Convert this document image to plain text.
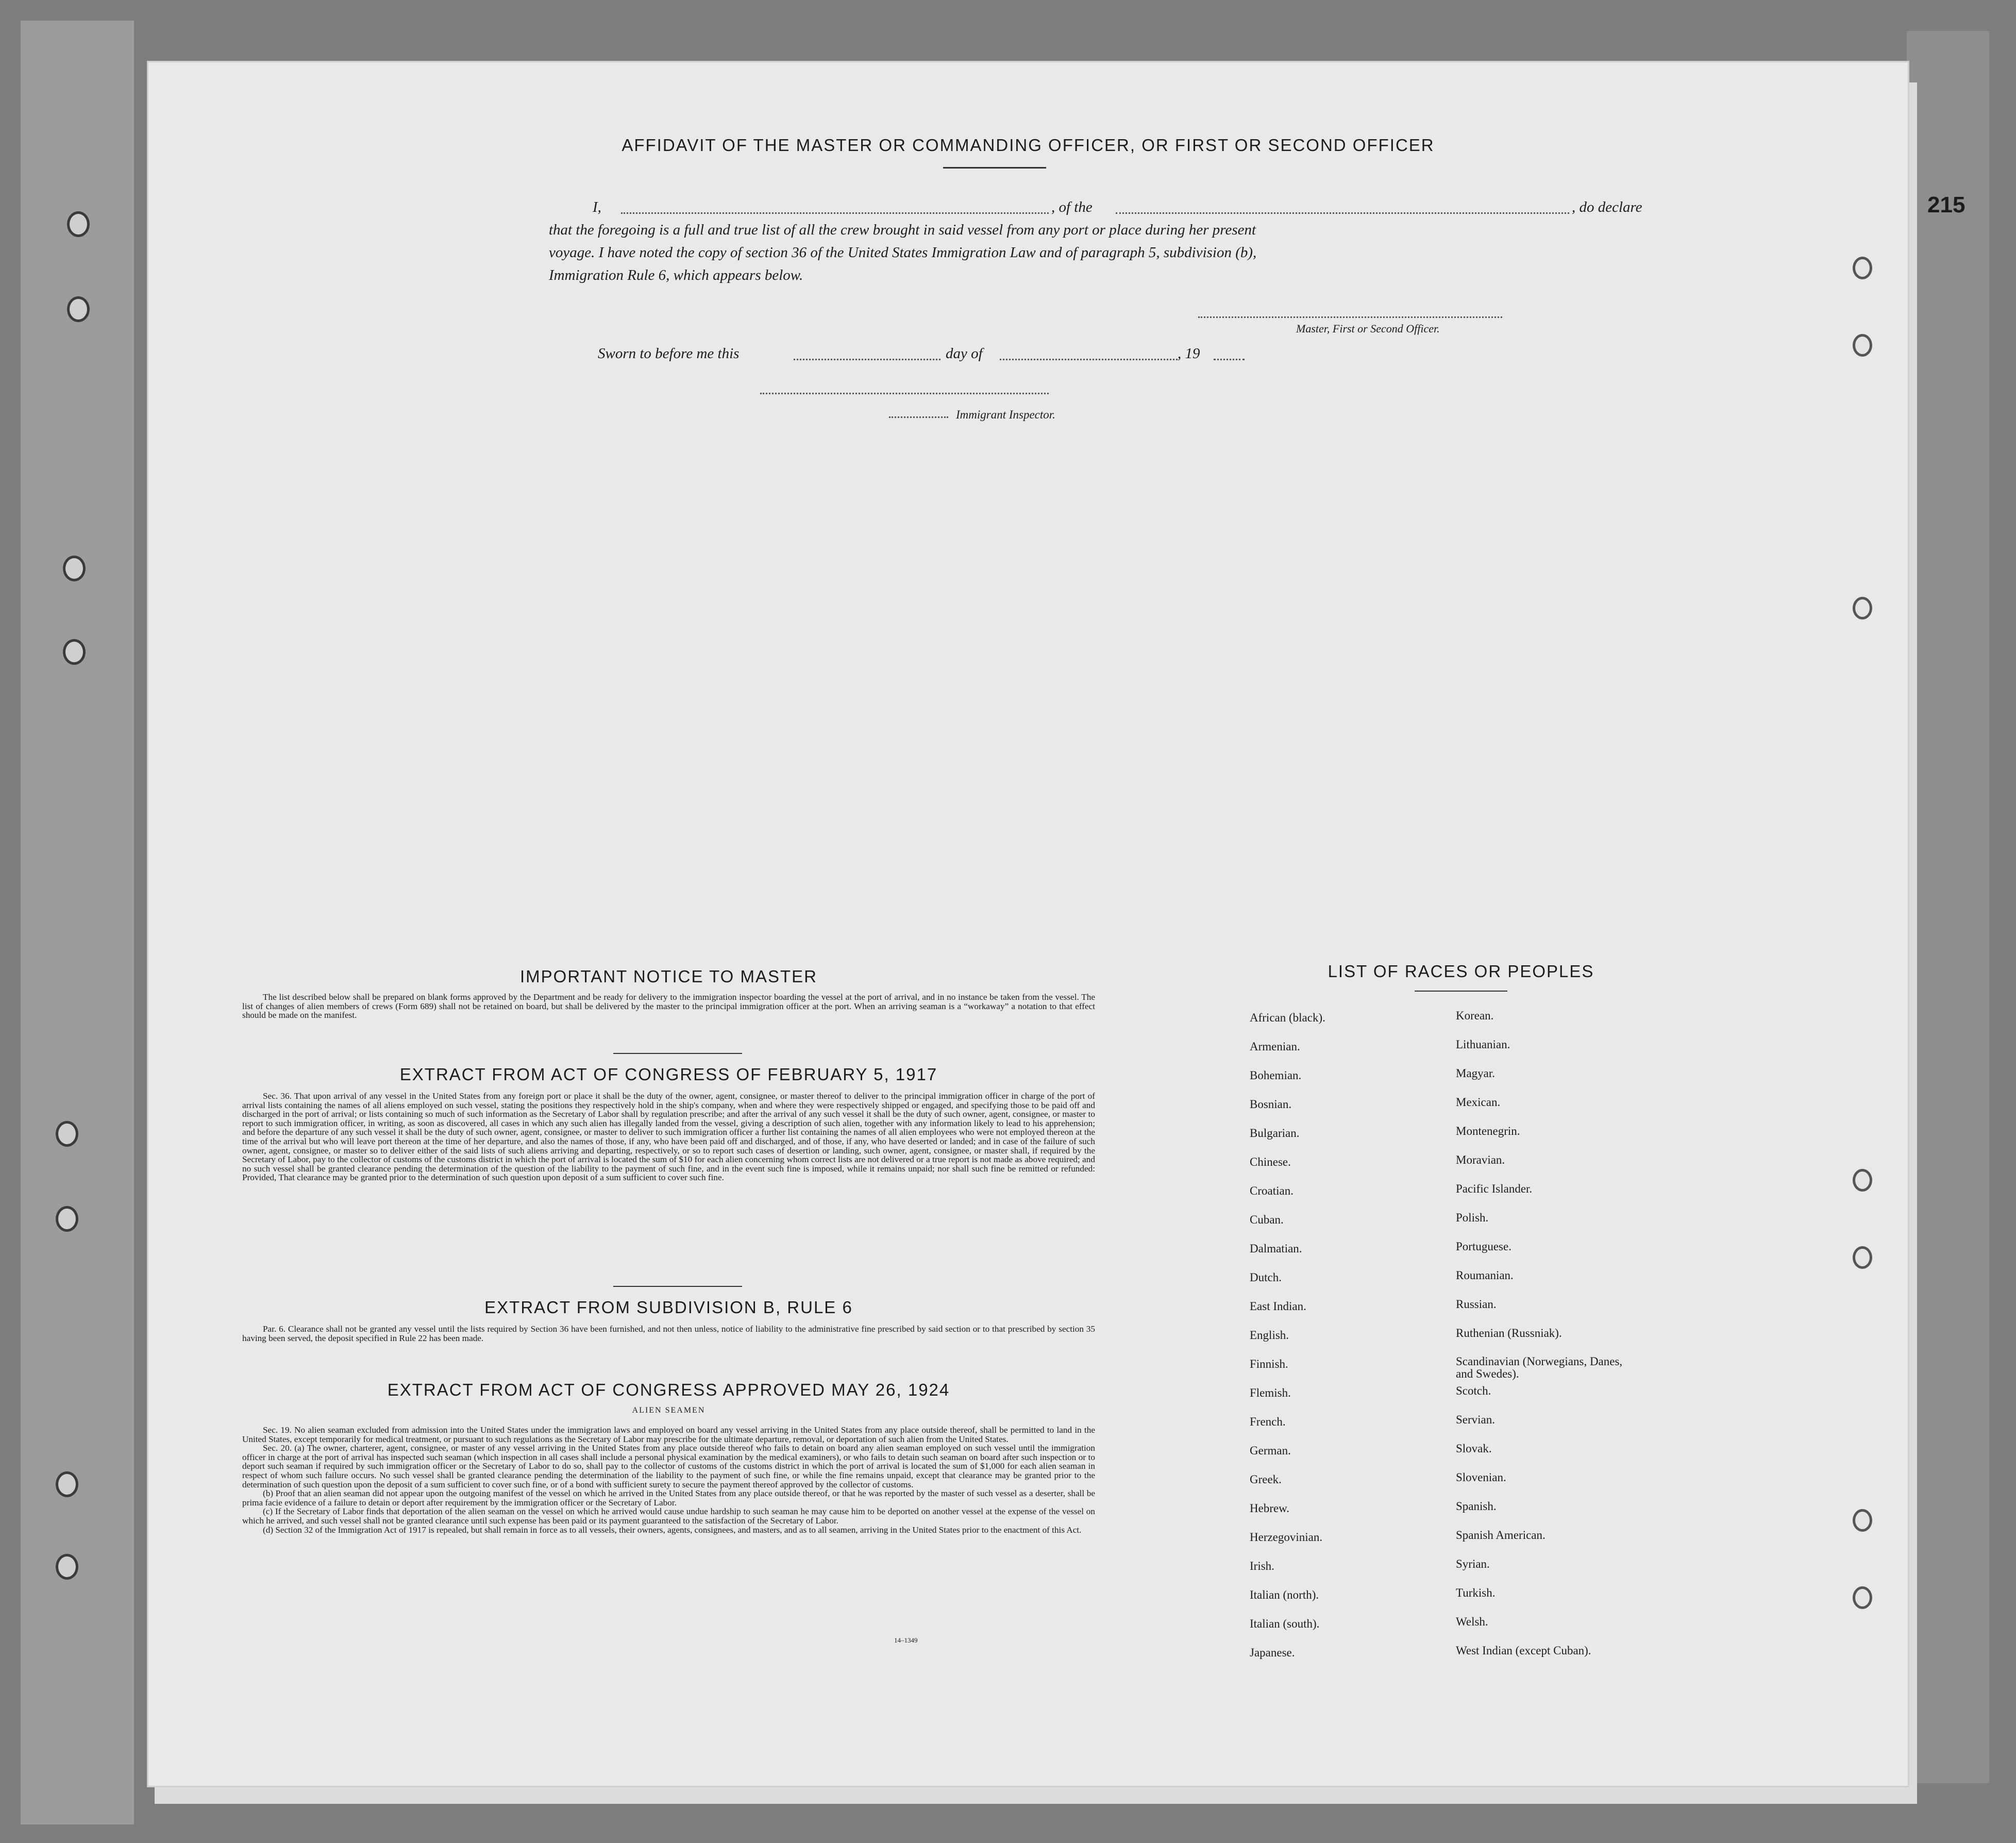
215
AFFIDAVIT OF THE MASTER OR COMMANDING OFFICER, OR FIRST OR SECOND OFFICER
I,	, of the	, do declare
that the foregoing is a full and true list of all the crew brought in said vessel from any port or place during her present
voyage. I have noted the copy of section 36 of the United States Immigration Law and of paragraph 5, subdivision (b),
Immigration Rule 6, which appears below.
Master, First or Second Officer.
Sworn to before me this	day of	, 19
Immigrant Inspector.
IMPORTANT NOTICE TO MASTER
The list described below shall be prepared on blank forms approved by the Department and be ready for delivery to the immigration inspector boarding the vessel at the port of arrival, and in no instance be taken from the vessel. The list of changes of alien members of crews (Form 689) shall not be retained on board, but shall be delivered by the master to the principal immigration officer at the port. When an arriving seaman is a “workaway” a notation to that effect should be made on the manifest.
EXTRACT FROM ACT OF CONGRESS OF FEBRUARY 5, 1917
Sec. 36. That upon arrival of any vessel in the United States from any foreign port or place it shall be the duty of the owner, agent, consignee, or master thereof to deliver to the principal immigration officer in charge of the port of arrival lists containing the names of all aliens employed on such vessel, stating the positions they respectively hold in the ship's company, when and where they were respectively shipped or engaged, and specifying those to be paid off and discharged in the port of arrival; or lists containing so much of such information as the Secretary of Labor shall by regulation prescribe; and after the arrival of any such vessel it shall be the duty of such owner, agent, consignee, or master to report to such immigration officer, in writing, as soon as discovered, all cases in which any such alien has illegally landed from the vessel, giving a description of such alien, together with any information likely to lead to his apprehension; and before the departure of any such vessel it shall be the duty of such owner, agent, consignee, or master to deliver to such immigration officer a further list containing the names of all alien employees who were not employed thereon at the time of the arrival but who will leave port thereon at the time of her departure, and also the names of those, if any, who have been paid off and discharged, and of those, if any, who have deserted or landed; and in case of the failure of such owner, agent, consignee, or master so to deliver either of the said lists of such aliens arriving and departing, respectively, or so to report such cases of desertion or landing, such owner, agent, consignee, or master shall, if required by the Secretary of Labor, pay to the collector of customs of the customs district in which the port of arrival is located the sum of $10 for each alien concerning whom correct lists are not delivered or a true report is not made as above required; and no such vessel shall be granted clearance pending the determination of the question of the liability to the payment of such fine, and in the event such fine is imposed, while it remains unpaid; nor shall such fine be remitted or refunded: Provided, That clearance may be granted prior to the determination of such question upon deposit of a sum sufficient to cover such fine.
EXTRACT FROM SUBDIVISION B, RULE 6
Par. 6. Clearance shall not be granted any vessel until the lists required by Section 36 have been furnished, and not then unless, notice of liability to the administrative fine prescribed by said section or to that prescribed by section 35 having been served, the deposit specified in Rule 22 has been made.
EXTRACT FROM ACT OF CONGRESS APPROVED MAY 26, 1924
ALIEN SEAMEN
Sec. 19. No alien seaman excluded from admission into the United States under the immigration laws and employed on board any vessel arriving in the United States from any place outside thereof, shall be permitted to land in the United States, except temporarily for medical treatment, or pursuant to such regulations as the Secretary of Labor may prescribe for the ultimate departure, removal, or deportation of such alien from the United States.
Sec. 20. (a) The owner, charterer, agent, consignee, or master of any vessel arriving in the United States from any place outside thereof who fails to detain on board any alien seaman employed on such vessel until the immigration officer in charge at the port of arrival has inspected such seaman (which inspection in all cases shall include a personal physical examination by the medical examiners), or who fails to detain such seaman on board after such inspection or to deport such seaman if required by such immigration officer or the Secretary of Labor to do so, shall pay to the collector of customs of the customs district in which the port of arrival is located the sum of $1,000 for each alien seaman in respect of whom such failure occurs. No such vessel shall be granted clearance pending the determination of the liability to the payment of such fine, or while the fine remains unpaid, except that clearance may be granted prior to the determination of such question upon the deposit of a sum sufficient to cover such fine, or of a bond with sufficient surety to secure the payment thereof approved by the collector of customs.
(b) Proof that an alien seaman did not appear upon the outgoing manifest of the vessel on which he arrived in the United States from any place outside thereof, or that he was reported by the master of such vessel as a deserter, shall be prima facie evidence of a failure to detain or deport after requirement by the immigration officer or the Secretary of Labor.
(c) If the Secretary of Labor finds that deportation of the alien seaman on the vessel on which he arrived would cause undue hardship to such seaman he may cause him to be deported on another vessel at the expense of the vessel on which he arrived, and such vessel shall not be granted clearance until such expense has been paid or its payment guaranteed to the satisfaction of the Secretary of Labor.
(d) Section 32 of the Immigration Act of 1917 is repealed, but shall remain in force as to all vessels, their owners, agents, consignees, and masters, and as to all seamen, arriving in the United States prior to the enactment of this Act.
14–1349
LIST OF RACES OR PEOPLES
African (black).
Armenian.
Bohemian.
Bosnian.
Bulgarian.
Chinese.
Croatian.
Cuban.
Dalmatian.
Dutch.
East Indian.
English.
Finnish.
Flemish.
French.
German.
Greek.
Hebrew.
Herzegovinian.
Irish.
Italian (north).
Italian (south).
Japanese.
Korean.
Lithuanian.
Magyar.
Mexican.
Montenegrin.
Moravian.
Pacific Islander.
Polish.
Portuguese.
Roumanian.
Russian.
Ruthenian (Russniak).
Scandinavian (Norwegians, Danes, and Swedes).
Scotch.
Servian.
Slovak.
Slovenian.
Spanish.
Spanish American.
Syrian.
Turkish.
Welsh.
West Indian (except Cuban).
